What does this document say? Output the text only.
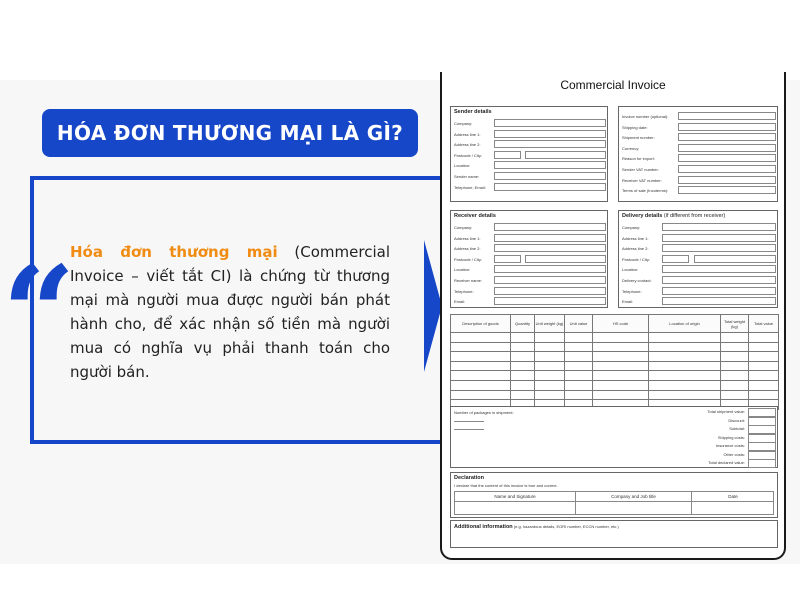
HÓA ĐƠN THƯƠNG MẠI LÀ GÌ?
“

Hóa đơn thương mại (Commercial Invoice – viết tắt CI) là chứng từ thương mại mà người mua được người bán phát hành cho, để xác nhận số tiền mà người mua có nghĩa vụ phải thanh toán cho người bán.

Commercial Invoice
Sender details
Company:
Address line 1:
Address line 2:
Postcode / City:
Location:
Sender name:
Telephone, Email:
Invoice number (optional):
Shipping date:
Shipment number:
Currency:
Reason for export:
Sender VAT number:
Receiver VAT number:
Terms of sale (Incoterms):
Receiver details
Company:
Address line 1:
Address line 2:
Postcode / City:
Location:
Receiver name:
Telephone:
Email:
Delivery details (if different from receiver)
Company:
Address line 1:
Address line 2:
Postcode / City:
Location:
Delivery contact:
Telephone:
Email:
Description of goods	Quantity	Unit weight (kg)	Unit value	HS code	Location of origin	Total weight (kg)	Total value

Number of packages in shipment:	Total shipment value:
Discount:
Subtotal:
Shipping costs:
Insurance costs:
Other costs:
Total declared value:
Declaration
I declare that the content of this invoice is true and correct.
Name and Signature	Company and Job title	Date
Additional information (e.g. hazardous details, EORI number, ECCN number, etc.)
